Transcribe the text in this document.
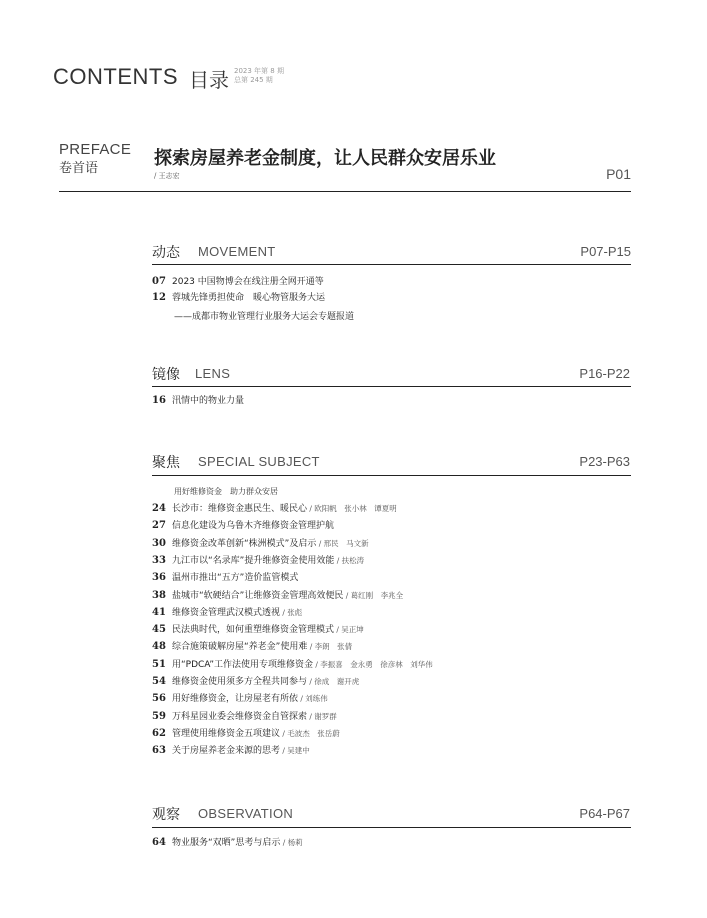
CONTENTS 目录 2023 年第 8 期
总第 245 期
PREFACE
卷首语	探索房屋养老金制度，让人民群众安居乐业
/ 王志宏	P01
动态 MOVEMENT	P07-P15
07 2023 中国物博会在线注册全网开通等
12 蓉城先锋勇担使命　暖心物管服务大运
——成都市物业管理行业服务大运会专题报道
镜像 LENS	P16-P22
16 汛情中的物业力量
聚焦 SPECIAL SUBJECT	P23-P63
用好维修资金　助力群众安居
24 长沙市：维修资金惠民生、暖民心 / 欧阳帆　张小林　谭夏明
27 信息化建设为乌鲁木齐维修资金管理护航
30 维修资金改革创新“株洲模式”及启示 / 邢民　马文新
33 九江市以“名录库”提升维修资金使用效能 / 扶松涛
36 温州市推出“五方”造价监管模式
38 盐城市“软硬结合”让维修资金管理高效便民 / 葛红刚　李兆全
41 维修资金管理武汉模式透视 / 张彪
45 民法典时代，如何重塑维修资金管理模式 / 吴正坤
48 综合施策破解房屋“养老金”使用难 / 李朗　张倩
51 用“PDCA”工作法使用专项维修资金 / 李振喜　金永勇　徐彦林　刘华伟
54 维修资金使用须多方全程共同参与 / 徐成　谢开虎
56 用好维修资金，让房屋老有所依 / 刘练伟
59 万科星园业委会维修资金自管探索 / 谢罗群
62 管理使用维修资金五项建议 / 毛波杰　张岳蔚
63 关于房屋养老金来源的思考 / 吴建中
观察 OBSERVATION	P64-P67
64 物业服务“双晒”思考与启示 / 杨莉
